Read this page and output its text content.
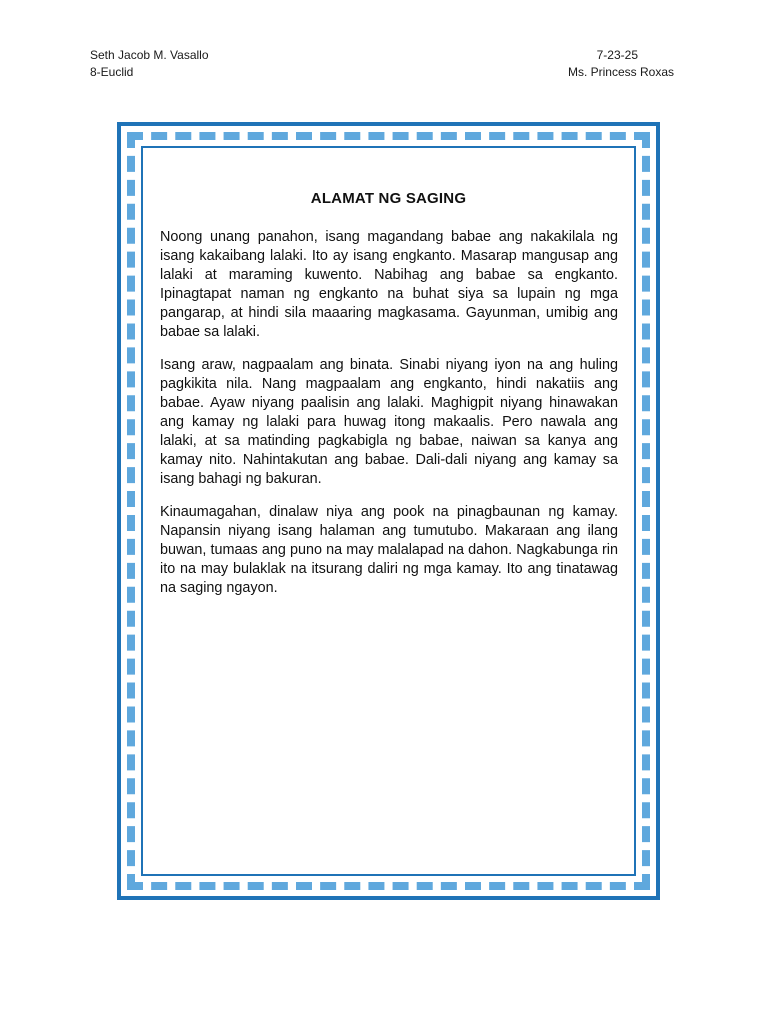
Seth Jacob M. Vasallo
8-Euclid
7-23-25
Ms. Princess Roxas
ALAMAT NG SAGING

Noong unang panahon, isang magandang babae ang nakakilala ng isang kakaibang lalaki. Ito ay isang engkanto. Masarap mangusap ang lalaki at maraming kuwento. Nabihag ang babae sa engkanto. Ipinagtapat naman ng engkanto na buhat siya sa lupain ng mga pangarap, at hindi sila maaaring magkasama. Gayunman, umibig ang babae sa lalaki.

Isang araw, nagpaalam ang binata. Sinabi niyang iyon na ang huling pagkikita nila. Nang magpaalam ang engkanto, hindi nakatiis ang babae. Ayaw niyang paalisin ang lalaki. Maghigpit niyang hinawakan ang kamay ng lalaki para huwag itong makaalis. Pero nawala ang lalaki, at sa matinding pagkabigla ng babae, naiwan sa kanya ang kamay nito. Nahintakutan ang babae. Dali-dali niyang ang kamay sa isang bahagi ng bakuran.

Kinaumagahan, dinalaw niya ang pook na pinagbaunan ng kamay. Napansin niyang isang halaman ang tumutubo. Makaraan ang ilang buwan, tumaas ang puno na may malalapad na dahon. Nagkabunga rin ito na may bulaklak na itsurang daliri ng mga kamay. Ito ang tinatawag na saging ngayon.
